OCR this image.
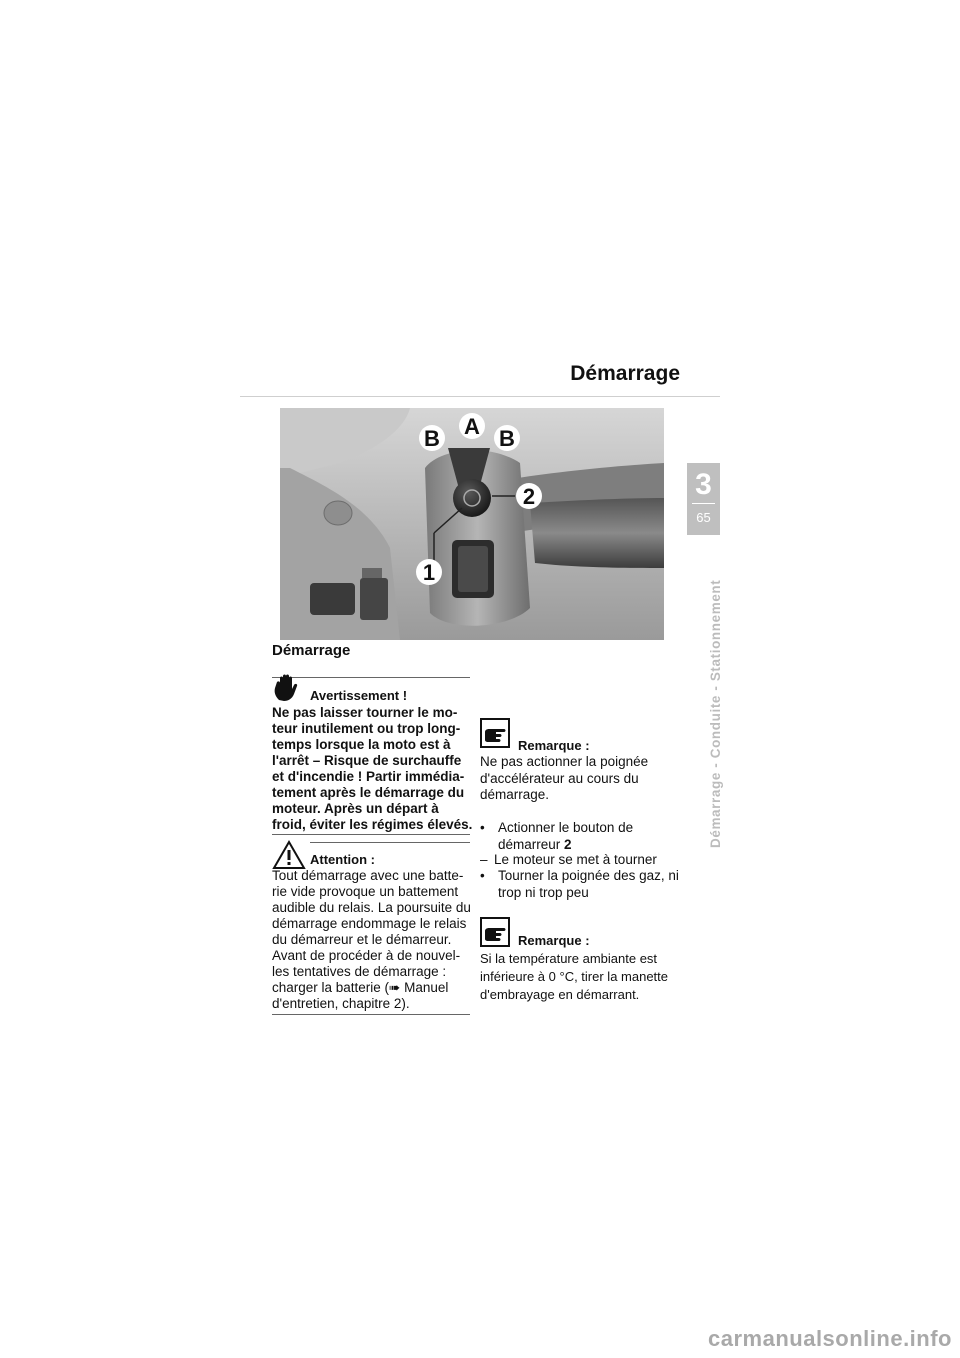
Démarrage
3
65
Démarrage - Conduite - Stationnement
B A B
2
1
Démarrage
Avertissement !
Ne pas laisser tourner le mo-
teur inutilement ou trop long-
temps lorsque la moto est à
l'arrêt – Risque de surchauffe
et d'incendie ! Partir immédia-
tement après le démarrage du
moteur. Après un départ à
froid, éviter les régimes élevés.
Attention :
Tout démarrage avec une batte-
rie vide provoque un battement
audible du relais. La poursuite du
démarrage endommage le relais
du démarreur et le démarreur.
Avant de procéder à de nouvel-
les tentatives de démarrage :
charger la batterie (➠ Manuel
d'entretien, chapitre 2).
Remarque :
Ne pas actionner la poignée
d'accélérateur au cours du
démarrage.
• Actionner le bouton de
démarreur 2
– Le moteur se met à tourner
• Tourner la poignée des gaz, ni
trop ni trop peu
Remarque :
Si la température ambiante est
inférieure à 0 °C, tirer la manette
d'embrayage en démarrant.
carmanualsonline.info
